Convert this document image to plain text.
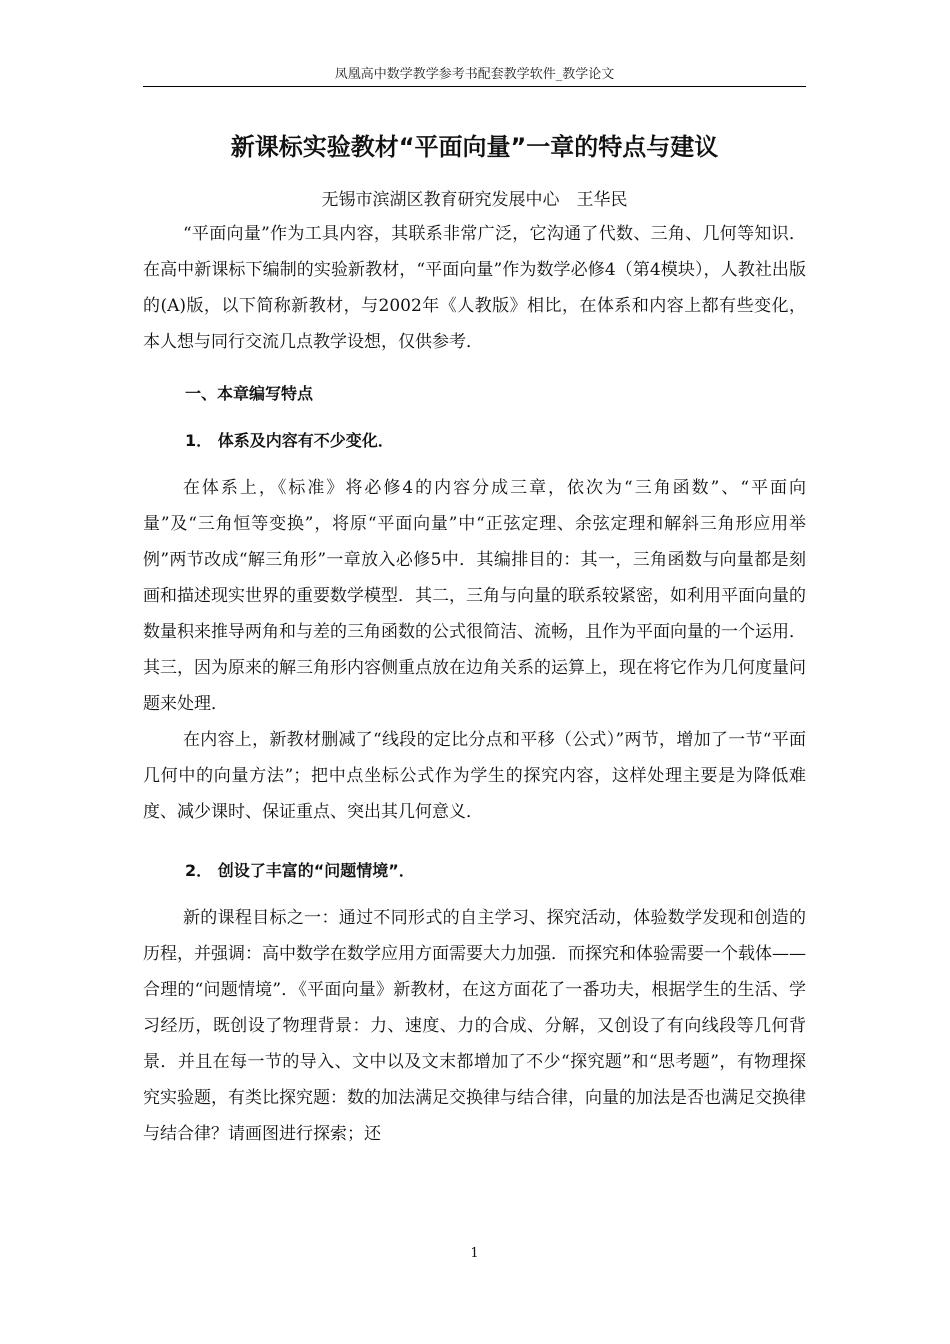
凤凰高中数学教学参考书配套教学软件_教学论文
新课标实验教材“平面向量”一章的特点与建议
无锡市滨湖区教育研究发展中心　王华民

“平面向量”作为工具内容，其联系非常广泛，它沟通了代数、三角、几何等知识．在高中新课标下编制的实验新教材，“平面向量”作为数学必修4（第4模块），人教社出版的(A)版，以下简称新教材，与2002年《人教版》相比，在体系和内容上都有些变化，本人想与同行交流几点教学设想，仅供参考．

一、本章编写特点
1． 体系及内容有不少变化．

在体系上，《标准》将必修4的内容分成三章，依次为“三角函数”、“平面向量”及“三角恒等变换”，将原“平面向量”中“正弦定理、余弦定理和解斜三角形应用举例”两节改成“解三角形”一章放入必修5中．其编排目的：其一，三角函数与向量都是刻画和描述现实世界的重要数学模型．其二，三角与向量的联系较紧密，如利用平面向量的数量积来推导两角和与差的三角函数的公式很简洁、流畅，且作为平面向量的一个运用．其三，因为原来的解三角形内容侧重点放在边角关系的运算上，现在将它作为几何度量问题来处理．

在内容上，新教材删减了“线段的定比分点和平移（公式）”两节，增加了一节“平面几何中的向量方法”；把中点坐标公式作为学生的探究内容，这样处理主要是为降低难度、减少课时、保证重点、突出其几何意义．

2． 创设了丰富的“问题情境”．

新的课程目标之一：通过不同形式的自主学习、探究活动，体验数学发现和创造的历程，并强调：高中数学在数学应用方面需要大力加强．而探究和体验需要一个载体——合理的“问题情境”．《平面向量》新教材，在这方面花了一番功夫，根据学生的生活、学习经历，既创设了物理背景：力、速度、力的合成、分解，又创设了有向线段等几何背景．并且在每一节的导入、文中以及文末都增加了不少“探究题”和“思考题”，有物理探究实验题，有类比探究题：数的加法满足交换律与结合律，向量的加法是否也满足交换律与结合律？请画图进行探索；还

1
